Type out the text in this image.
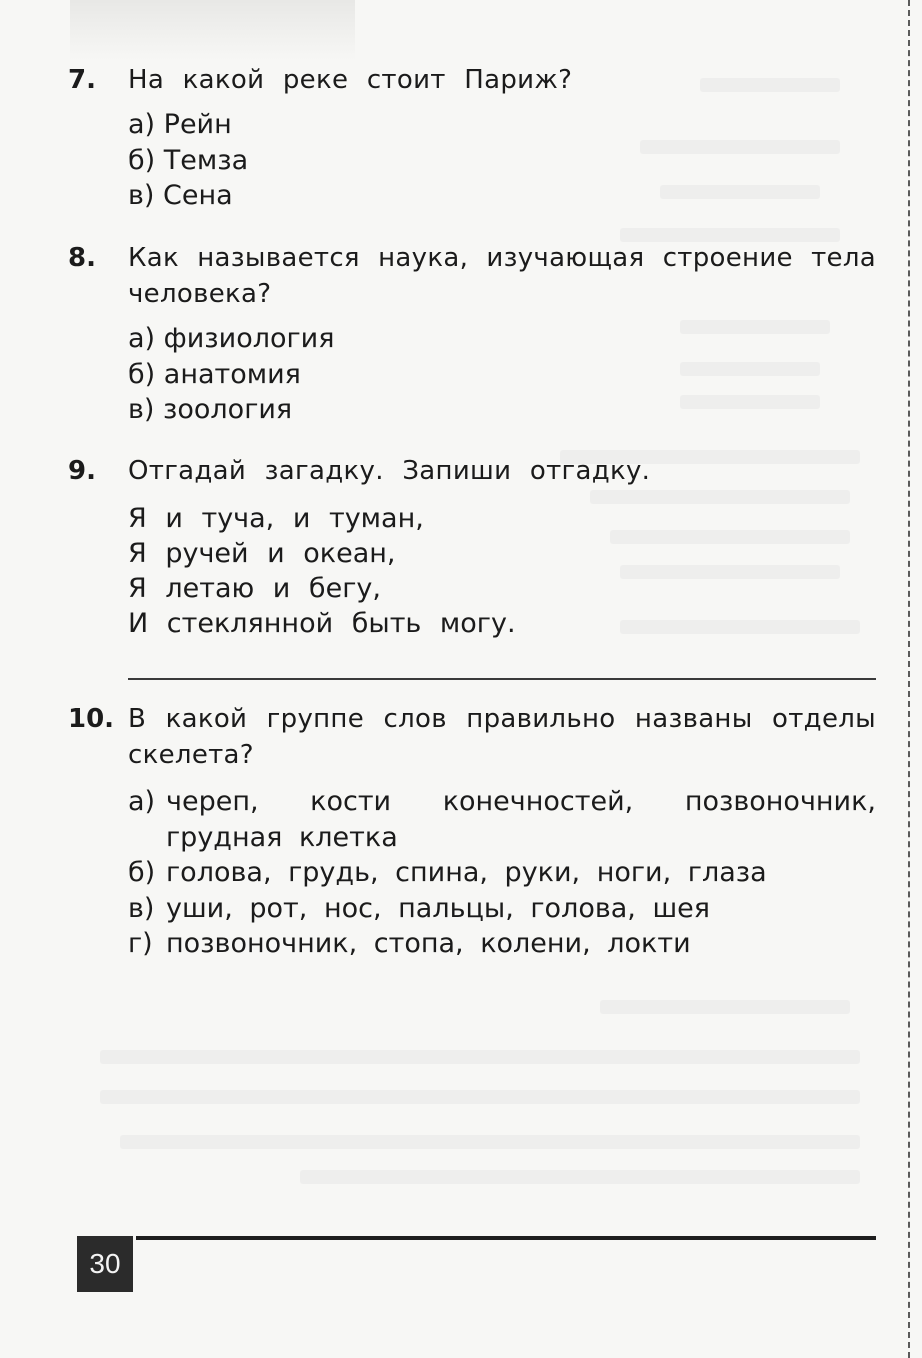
7. На какой реке стоит Париж?
а) Рейн
б) Темза
в) Сена
8. Как называется наука, изучающая строение тела человека?
а) физиология
б) анатомия
в) зоология
9. Отгадай загадку. Запиши отгадку.
Я и туча, и туман,
Я ручей и океан,
Я летаю и бегу,
И стеклянной быть могу.
10. В какой группе слов правильно названы отделы скелета?
а) череп, кости конечностей, позвоночник, грудная клетка
б) голова, грудь, спина, руки, ноги, глаза
в) уши, рот, нос, пальцы, голова, шея
г) позвоночник, стопа, колени, локти
30
